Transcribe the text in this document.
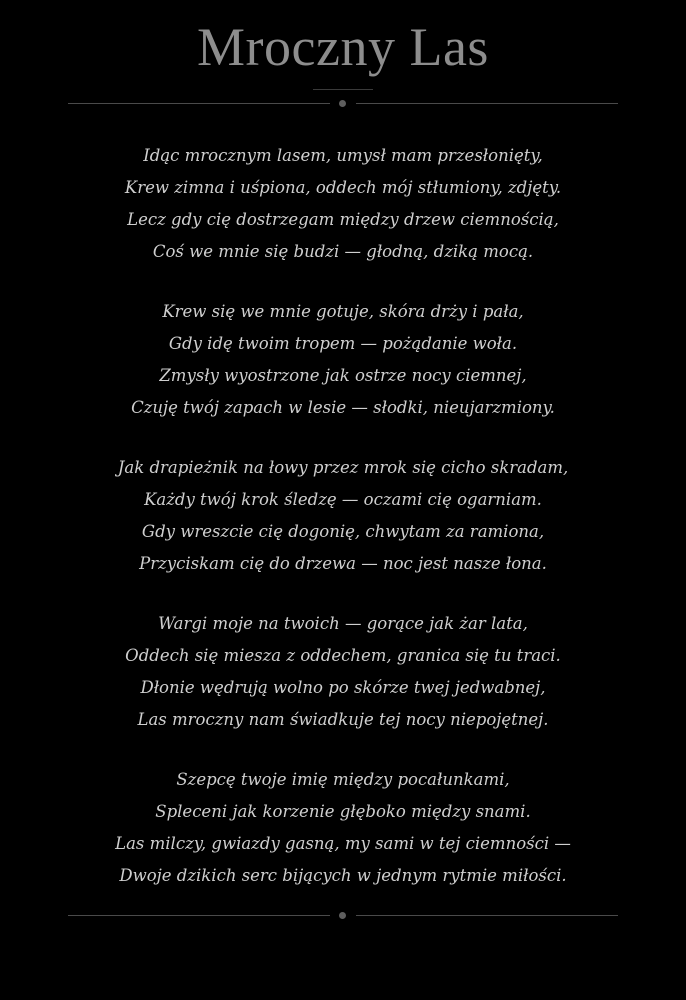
Mroczny Las
Idąc mrocznym lasem, umysł mam przesłonięty,
Krew zimna i uśpiona, oddech mój stłumiony, zdjęty.
Lecz gdy cię dostrzegam między drzew ciemnością,
Coś we mnie się budzi — głodną, dziką mocą.
Krew się we mnie gotuje, skóra drży i pała,
Gdy idę twoim tropem — pożądanie woła.
Zmysły wyostrzone jak ostrze nocy ciemnej,
Czuję twój zapach w lesie — słodki, nieujarzmiony.
Jak drapieżnik na łowy przez mrok się cicho skradam,
Każdy twój krok śledzę — oczami cię ogarniam.
Gdy wreszcie cię dogonię, chwytam za ramiona,
Przyciskam cię do drzewa — noc jest nasze łona.
Wargi moje na twoich — gorące jak żar lata,
Oddech się miesza z oddechem, granica się tu traci.
Dłonie wędrują wolno po skórze twej jedwabnej,
Las mroczny nam świadkuje tej nocy niepojętnej.
Szepcę twoje imię między pocałunkami,
Spleceni jak korzenie głęboko między snami.
Las milczy, gwiazdy gasną, my sami w tej ciemności —
Dwoje dzikich serc bijących w jednym rytmie miłości.
